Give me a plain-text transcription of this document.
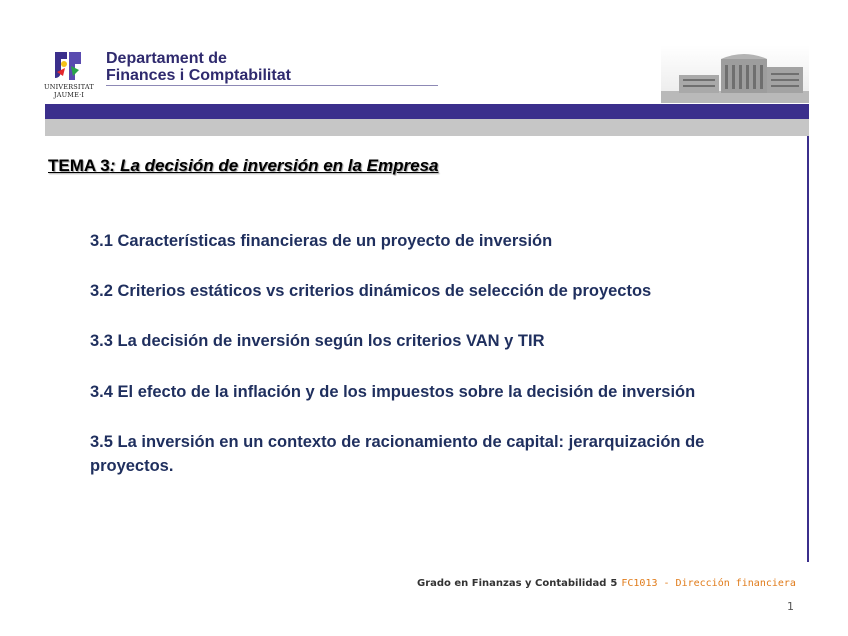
UNIVERSITAT
JAUME·I
Departament de
Finances i Comptabilitat
TEMA 3: La decisión de inversión en la Empresa

3.1 Características financieras de un proyecto de inversión

3.2 Criterios estáticos vs criterios dinámicos de selección de proyectos

3.3 La decisión de inversión según los criterios VAN y TIR

3.4 El efecto de la inflación y de los impuestos sobre la decisión de inversión

3.5 La inversión en un contexto de racionamiento de capital: jerarquización de proyectos.

Grado en Finanzas y Contabilidad 5 FC1013 - Dirección financiera
1
